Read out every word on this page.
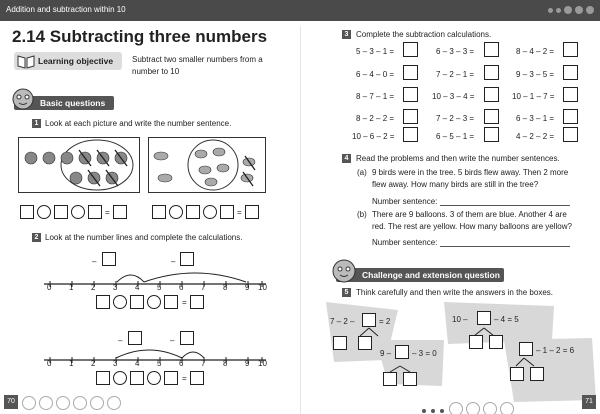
Addition and subtraction within 10
2.14 Subtracting three numbers
Learning objective Subtract two smaller numbers from a
number to 10
Basic questions
1 Look at each picture and write the number sentence.
=	=
2 Look at the number lines and complete the calculations.
–	–
0 1 2 3 4 5 6 7 8 9 10
=
–	–
0 1 2 3 4 5 6 7 8 9 10
=
70
3 Complete the subtraction calculations.
5 – 3 – 1 =	6 – 3 – 3 =	8 – 4 – 2 =
6 – 4 – 0 =	7 – 2 – 1 =	9 – 3 – 5 =
8 – 7 – 1 =	10 – 3 – 4 =	10 – 1 – 7 =
8 – 2 – 2 =	7 – 2 – 3 =	6 – 3 – 1 =
10 – 6 – 2 =	6 – 5 – 1 =	4 – 2 – 2 =
4 Read the problems and then write the number sentences.
(a) 9 birds were in the tree. 5 birds flew away. Then 2 more
flew away. How many birds are still in the tree?
Number sentence:
(b) There are 9 balloons. 3 of them are blue. Another 4 are
red. The rest are yellow. How many balloons are yellow?
Number sentence:
Challenge and extension question
5 Think carefully and then write the answers in the boxes.
7 – 2 –	= 2	10 –	– 4 = 5
9 –	– 3 = 0	– 1 – 2 = 6
71
